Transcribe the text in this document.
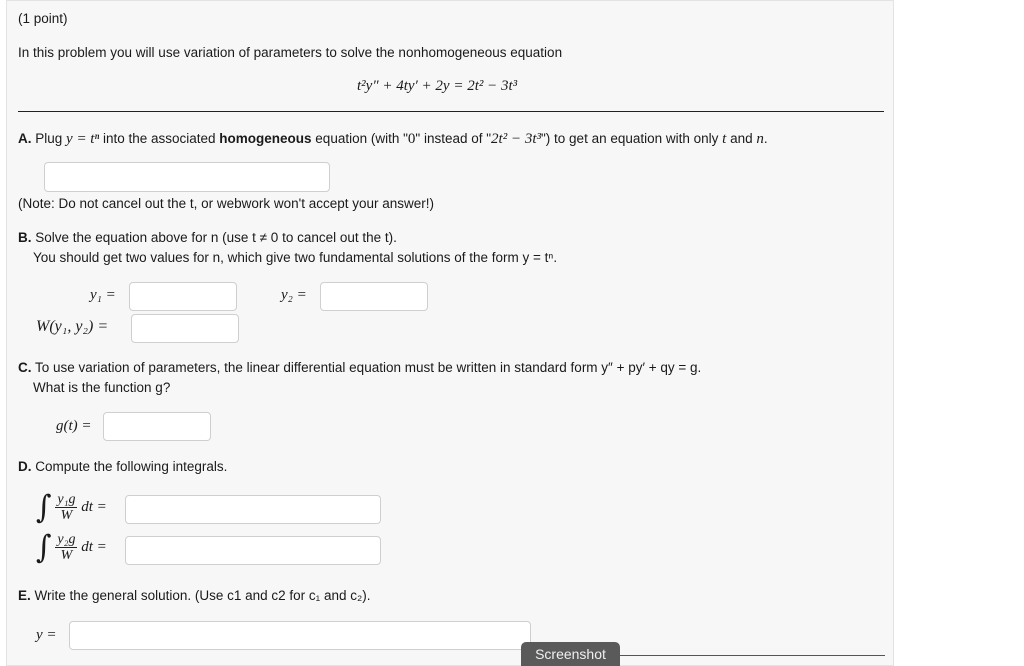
(1 point)
In this problem you will use variation of parameters to solve the nonhomogeneous equation
t²y″ + 4ty′ + 2y = 2t² − 3t³
A. Plug y = tⁿ into the associated homogeneous equation (with "0" instead of "2t² − 3t³") to get an equation with only t and n.
(Note: Do not cancel out the t, or webwork won't accept your answer!)
B. Solve the equation above for n (use t ≠ 0 to cancel out the t).
You should get two values for n, which give two fundamental solutions of the form y = tⁿ.
y₁ =	y₂ =
W(y₁, y₂) =
C. To use variation of parameters, the linear differential equation must be written in standard form y″ + py′ + qy = g.
What is the function g?
g(t) =
D. Compute the following integrals.
∫ $\frac{\text{y₁g}}{W}$ dt =
∫ $\frac{\text{y₂g}}{W}$ dt =
E. Write the general solution. (Use c1 and c2 for c₁ and c₂).
y =
Screenshot
